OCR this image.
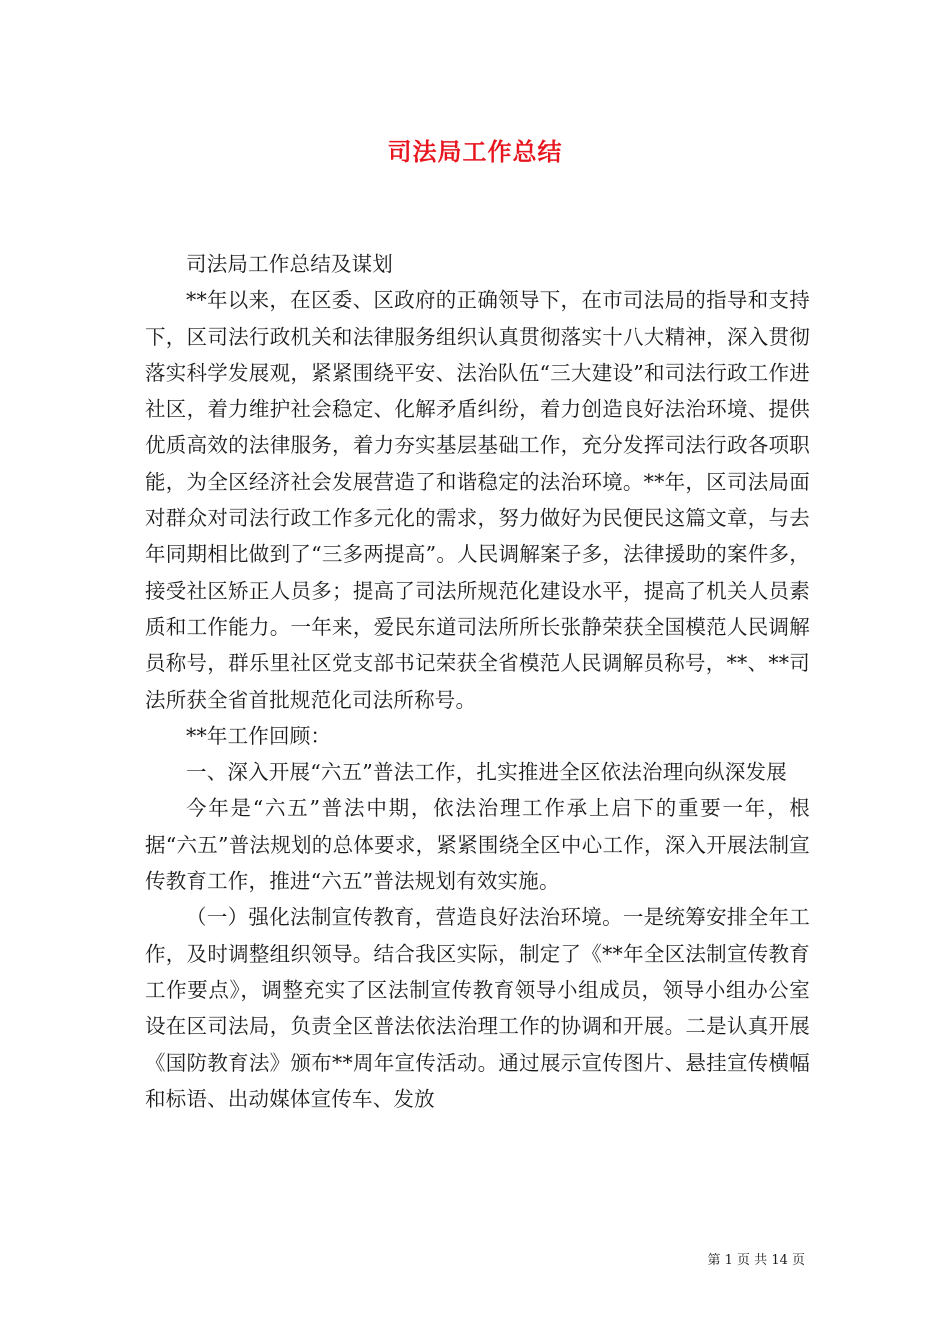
司法局工作总结

司法局工作总结及谋划

**年以来，在区委、区政府的正确领导下，在市司法局的指导和支持下，区司法行政机关和法律服务组织认真贯彻落实十八大精神，深入贯彻落实科学发展观，紧紧围绕平安、法治队伍“三大建设”和司法行政工作进社区，着力维护社会稳定、化解矛盾纠纷，着力创造良好法治环境、提供优质高效的法律服务，着力夯实基层基础工作，充分发挥司法行政各项职能，为全区经济社会发展营造了和谐稳定的法治环境。**年，区司法局面对群众对司法行政工作多元化的需求，努力做好为民便民这篇文章，与去年同期相比做到了“三多两提高”。人民调解案子多，法律援助的案件多，接受社区矫正人员多；提高了司法所规范化建设水平，提高了机关人员素质和工作能力。一年来，爱民东道司法所所长张静荣获全国模范人民调解员称号，群乐里社区党支部书记荣获全省模范人民调解员称号，**、**司法所获全省首批规范化司法所称号。

**年工作回顾：

一、深入开展“六五”普法工作，扎实推进全区依法治理向纵深发展

今年是“六五”普法中期，依法治理工作承上启下的重要一年，根据“六五”普法规划的总体要求，紧紧围绕全区中心工作，深入开展法制宣传教育工作，推进“六五”普法规划有效实施。

（一）强化法制宣传教育，营造良好法治环境。一是统筹安排全年工作，及时调整组织领导。结合我区实际，制定了《**年全区法制宣传教育工作要点》，调整充实了区法制宣传教育领导小组成员，领导小组办公室设在区司法局，负责全区普法依法治理工作的协调和开展。二是认真开展《国防教育法》颁布**周年宣传活动。通过展示宣传图片、悬挂宣传横幅和标语、出动媒体宣传车、发放

第 1 页 共 14 页
